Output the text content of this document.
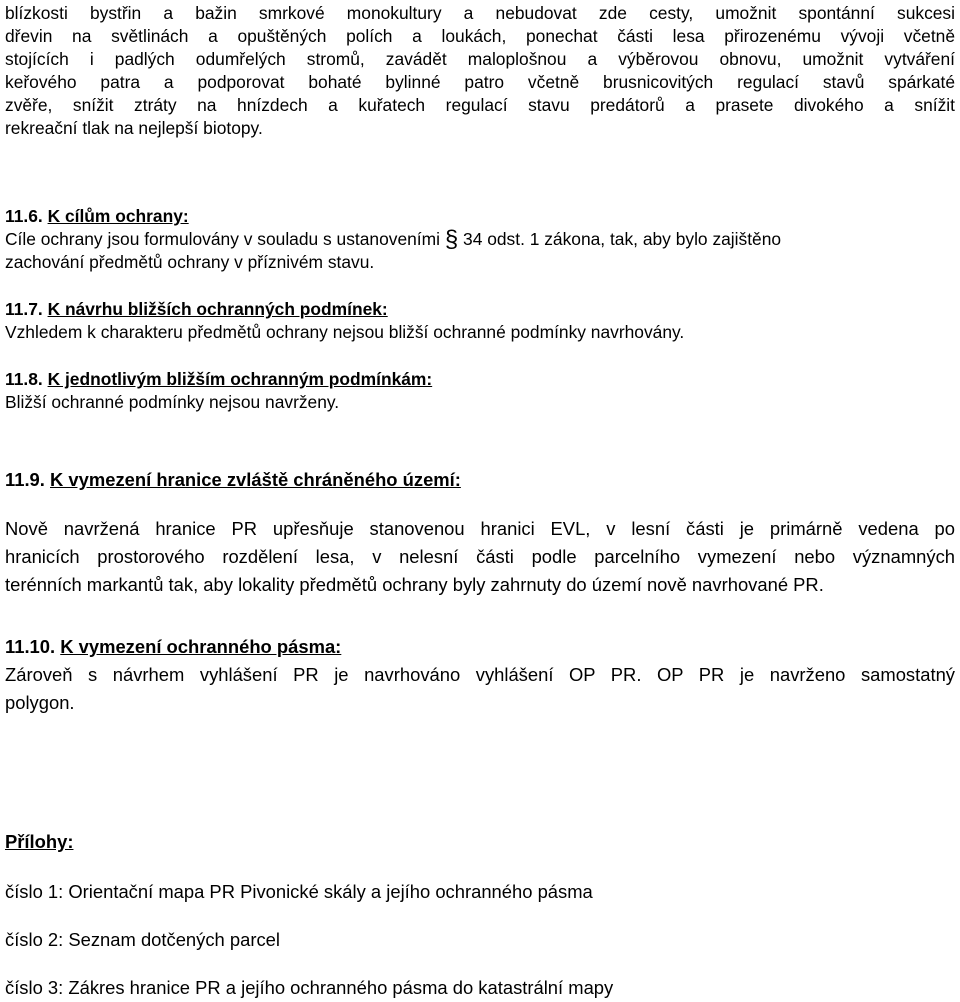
blízkosti bystřin a bažin smrkové monokultury a nebudovat zde cesty, umožnit spontánní sukcesi

dřevin na světlinách a opuštěných polích a loukách, ponechat části lesa přirozenému vývoji včetně

stojících i padlých odumřelých stromů, zavádět maloplošnou a výběrovou obnovu, umožnit vytváření

keřového patra a podporovat bohaté bylinné patro včetně brusnicovitých regulací stavů spárkaté

zvěře, snížit ztráty na hnízdech a kuřatech regulací stavu predátorů a prasete divokého a snížit

rekreační tlak na nejlepší biotopy.

11.6. K cílům ochrany:

Cíle ochrany jsou formulovány v souladu s ustanoveními § 34 odst. 1 zákona, tak, aby bylo zajištěno

zachování předmětů ochrany v příznivém stavu.

11.7. K návrhu bližších ochranných podmínek:

Vzhledem k charakteru předmětů ochrany nejsou bližší ochranné podmínky navrhovány.

11.8. K jednotlivým bližším ochranným podmínkám:

Bližší ochranné podmínky nejsou navrženy.

11.9. K vymezení hranice zvláště chráněného území:

Nově navržená hranice PR upřesňuje stanovenou hranici EVL, v lesní části je primárně vedena po

hranicích prostorového rozdělení lesa, v nelesní části podle parcelního vymezení nebo významných

terénních markantů tak, aby lokality předmětů ochrany byly zahrnuty do území nově navrhované PR.

11.10. K vymezení ochranného pásma:

Zároveň s návrhem vyhlášení PR je navrhováno vyhlášení OP PR. OP PR je navrženo samostatný

polygon.

Přílohy:

číslo 1: Orientační mapa PR Pivonické skály a jejího ochranného pásma
číslo 2: Seznam dotčených parcel
číslo 3: Zákres hranice PR a jejího ochranného pásma do katastrální mapy
